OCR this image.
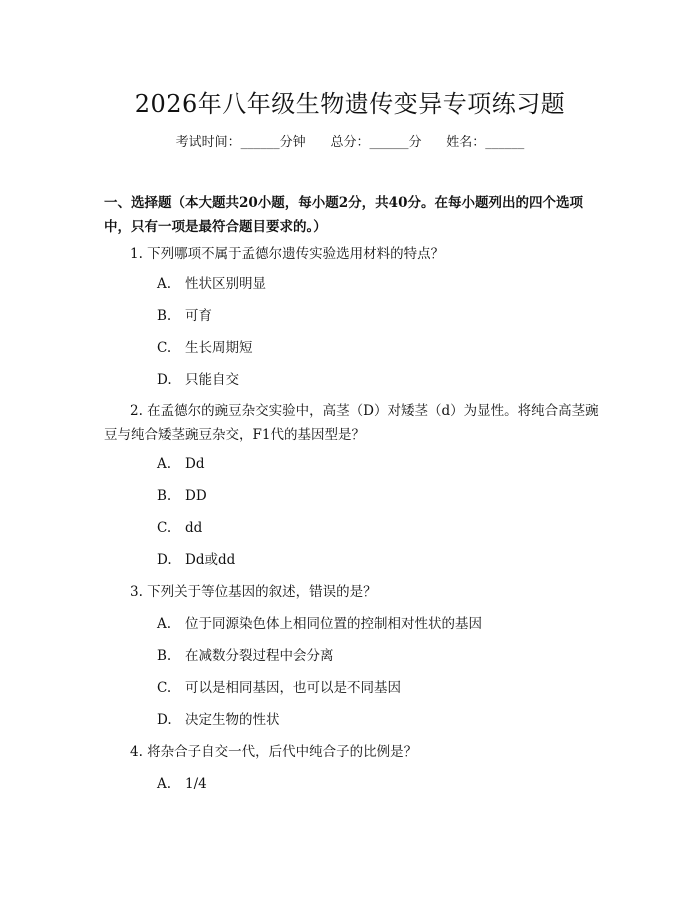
2026年八年级生物遗传变异专项练习题
考试时间：______分钟 总分：______分 姓名：______
一、选择题（本大题共20小题，每小题2分，共40分。在每小题列出的四个选项中，只有一项是最符合题目要求的。）
1. 下列哪项不属于孟德尔遗传实验选用材料的特点？
A. 性状区别明显
B. 可育
C. 生长周期短
D. 只能自交
2. 在孟德尔的豌豆杂交实验中，高茎（D）对矮茎（d）为显性。将纯合高茎豌豆与纯合矮茎豌豆杂交，F1代的基因型是？
A. Dd
B. DD
C. dd
D. Dd或dd
3. 下列关于等位基因的叙述，错误的是？
A. 位于同源染色体上相同位置的控制相对性状的基因
B. 在减数分裂过程中会分离
C. 可以是相同基因，也可以是不同基因
D. 决定生物的性状
4. 将杂合子自交一代，后代中纯合子的比例是？
A. 1/4
